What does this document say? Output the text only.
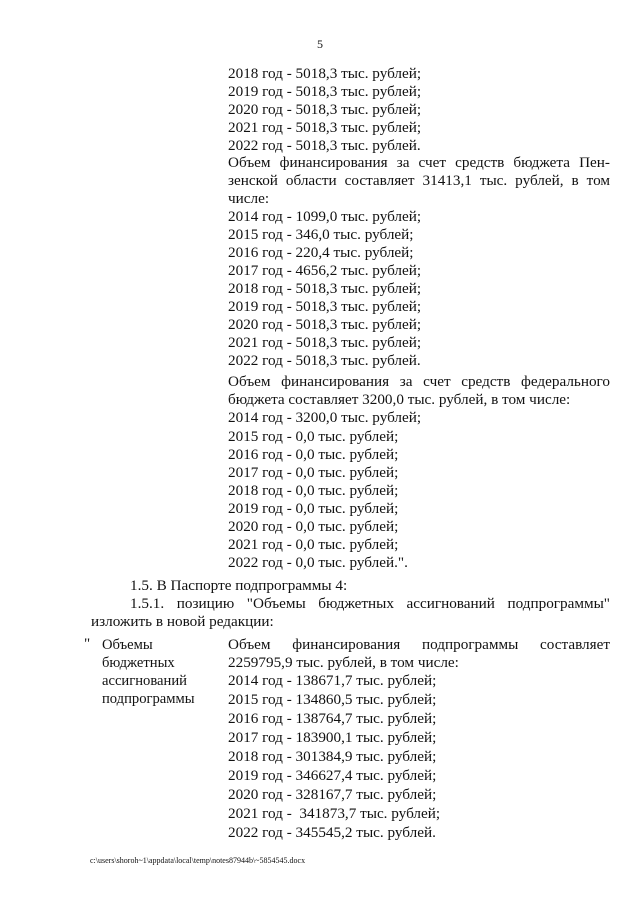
5
2018 год - 5018,3 тыс. рублей;
2019 год - 5018,3 тыс. рублей;
2020 год - 5018,3 тыс. рублей;
2021 год - 5018,3 тыс. рублей;
2022 год - 5018,3 тыс. рублей.
Объем финансирования за счет средств бюджета Пен-
зенской области составляет 31413,1 тыс. рублей, в том
числе:
2014 год - 1099,0 тыс. рублей;
2015 год - 346,0 тыс. рублей;
2016 год - 220,4 тыс. рублей;
2017 год - 4656,2 тыс. рублей;
2018 год - 5018,3 тыс. рублей;
2019 год - 5018,3 тыс. рублей;
2020 год - 5018,3 тыс. рублей;
2021 год - 5018,3 тыс. рублей;
2022 год - 5018,3 тыс. рублей.
Объем финансирования за счет средств федерального
бюджета составляет 3200,0 тыс. рублей, в том числе:
2014 год - 3200,0 тыс. рублей;
2015 год - 0,0 тыс. рублей;
2016 год - 0,0 тыс. рублей;
2017 год - 0,0 тыс. рублей;
2018 год - 0,0 тыс. рублей;
2019 год - 0,0 тыс. рублей;
2020 год - 0,0 тыс. рублей;
2021 год - 0,0 тыс. рублей;
2022 год - 0,0 тыс. рублей.".
1.5. В Паспорте подпрограммы 4:
1.5.1. позицию "Объемы бюджетных ассигнований подпрограммы"
изложить в новой редакции:
" Объемы
бюджетных
ассигнований
подпрограммы
Объем финансирования подпрограммы составляет
2259795,9 тыс. рублей, в том числе:
2014 год - 138671,7 тыс. рублей;
2015 год - 134860,5 тыс. рублей;
2016 год - 138764,7 тыс. рублей;
2017 год - 183900,1 тыс. рублей;
2018 год - 301384,9 тыс. рублей;
2019 год - 346627,4 тыс. рублей;
2020 год - 328167,7 тыс. рублей;
2021 год -  341873,7 тыс. рублей;
2022 год - 345545,2 тыс. рублей.
c:\users\shoroh~1\appdata\local\temp\notes87944b\~5854545.docx
